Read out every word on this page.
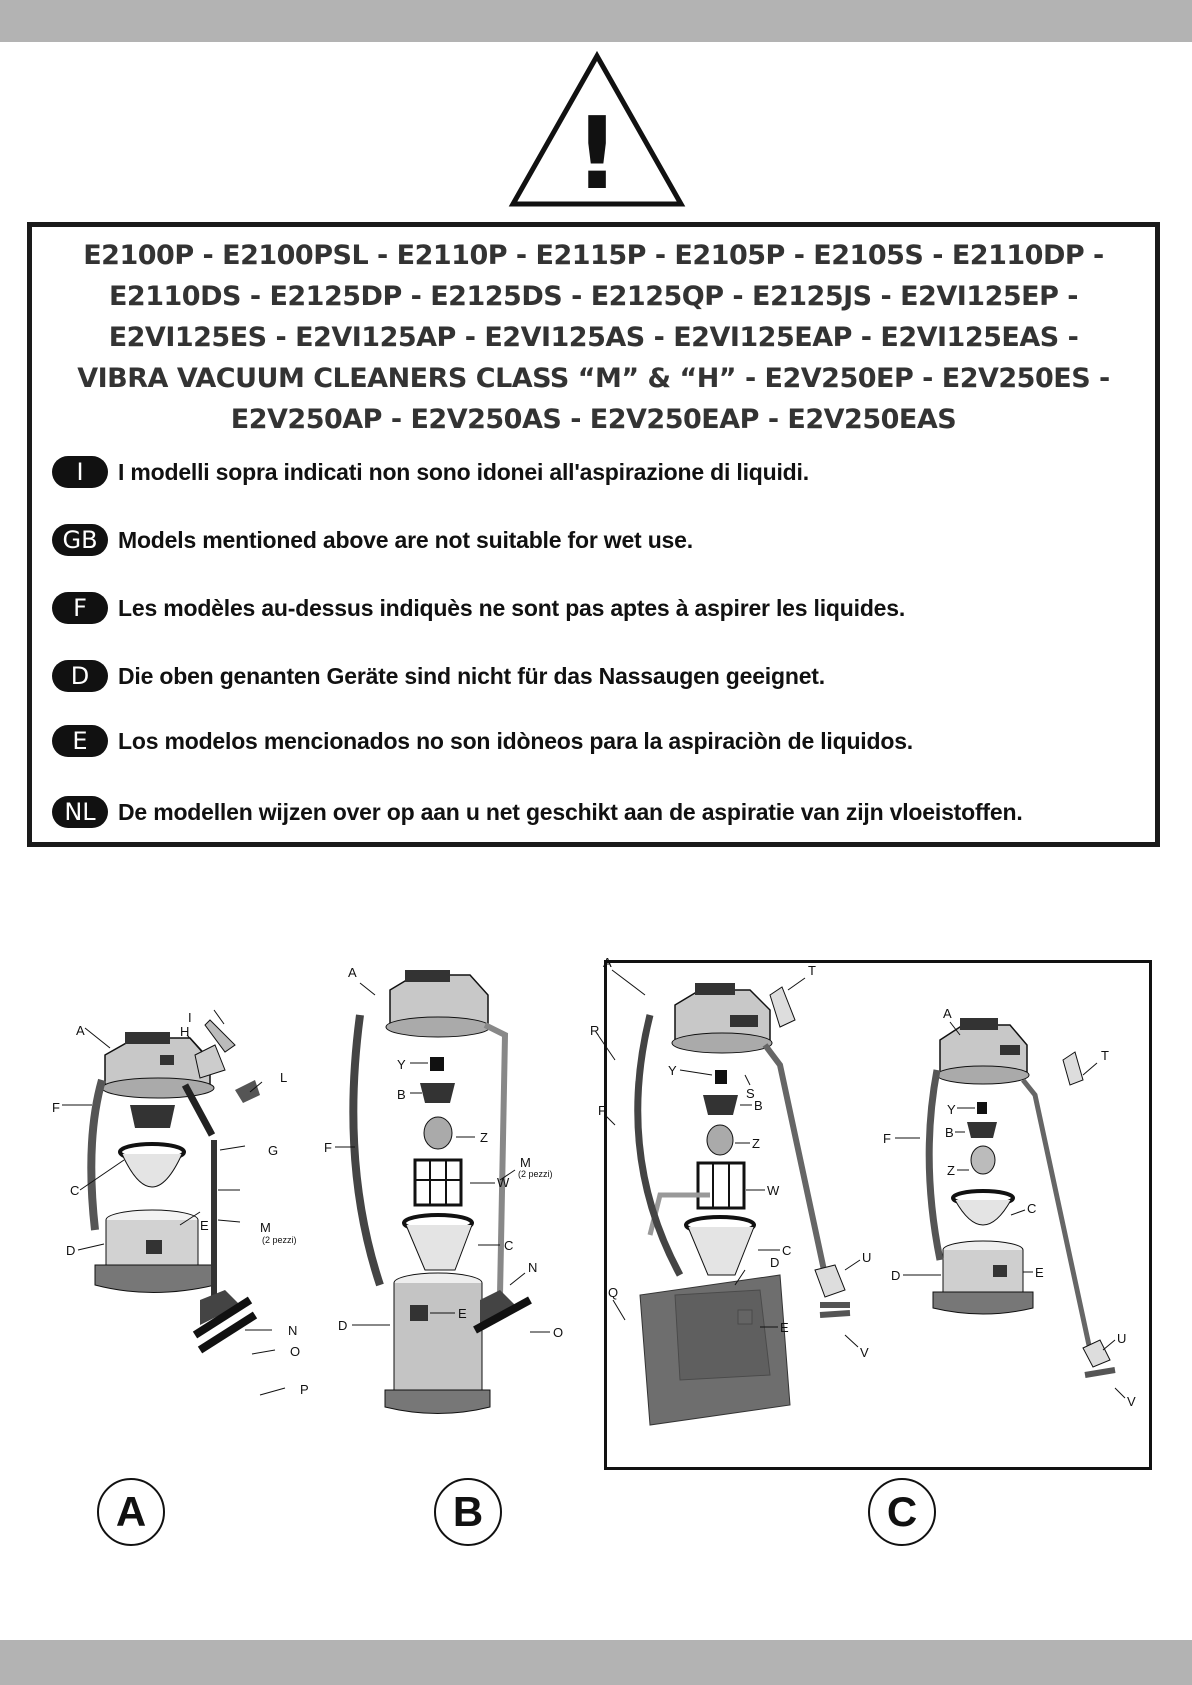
!
E2100P - E2100PSL - E2110P - E2115P - E2105P - E2105S - E2110DP -
E2110DS - E2125DP - E2125DS - E2125QP - E2125JS - E2VI125EP -
E2VI125ES - E2VI125AP - E2VI125AS - E2VI125EAP - E2VI125EAS -
VIBRA VACUUM CLEANERS CLASS “M” & “H” - E2V250EP - E2V250ES -
E2V250AP - E2V250AS - E2V250EAP - E2V250EAS
I	I modelli sopra indicati non sono idonei all'aspirazione di liquidi.
GB Models mentioned above are not suitable for wet use.
F	Les modèles au-dessus indiquès ne sont pas aptes à aspirer les liquides.
D	Die oben genanten Geräte sind nicht für das Nassaugen geeignet.
E	Los modelos mencionados no son idòneos para la aspiraciòn de liquidos.
NL De modellen wijzen over op aan u net geschikt aan de aspiratie van zijn vloeistoffen.
A
I
H
L
F
G
C
M
(2 pezzi)
E
D
N
O
P
A
Y
B
F
Z
W
M
(2 pezzi)
C
N
E
D	O
A
T
R
Y
S
B
Z
F
W
C
D
Q
U
E
V
A
T
Y
F	B
Z
C
D	E
U
V
A	B	C
